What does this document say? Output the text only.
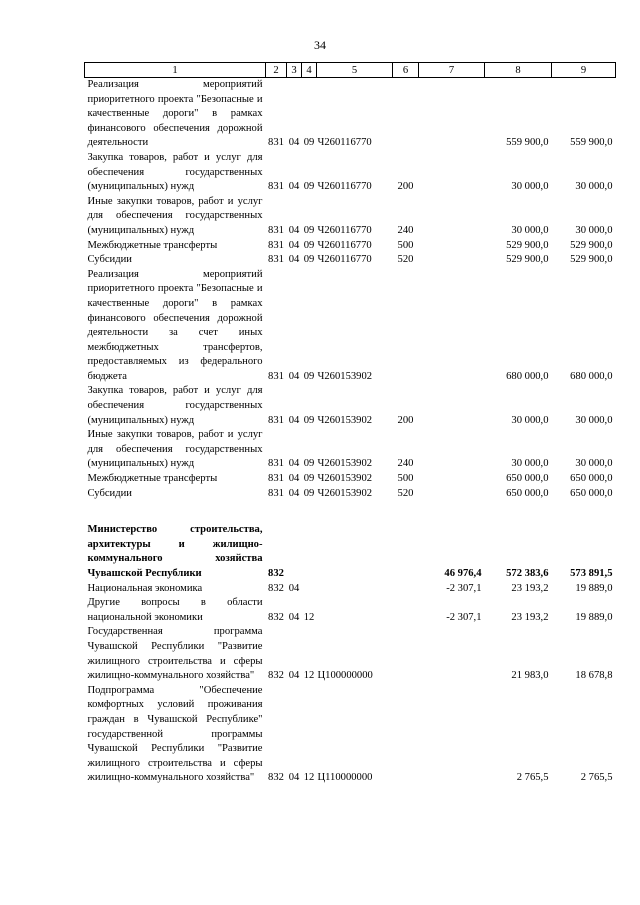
34
1	2	3	4	5	6	7	8	9
Реализация мероприятий приоритетного проекта "Безопасные и качественные дороги" в рамках финансового обеспечения дорожной деятельности	831	04	09	Ч260116770			559 900,0	559 900,0
Закупка товаров, работ и услуг для обеспечения государственных (муниципальных) нужд	831	04	09	Ч260116770	200		30 000,0	30 000,0
Иные закупки товаров, работ и услуг для обеспечения государственных (муниципальных) нужд	831	04	09	Ч260116770	240		30 000,0	30 000,0
Межбюджетные трансферты	831	04	09	Ч260116770	500		529 900,0	529 900,0
Субсидии	831	04	09	Ч260116770	520		529 900,0	529 900,0
Реализация мероприятий приоритетного проекта "Безопасные и качественные дороги" в рамках финансового обеспечения дорожной деятельности за счет иных межбюджетных трансфертов, предоставляемых из федерального бюджета	831	04	09	Ч260153902			680 000,0	680 000,0
Закупка товаров, работ и услуг для обеспечения государственных (муниципальных) нужд	831	04	09	Ч260153902	200		30 000,0	30 000,0
Иные закупки товаров, работ и услуг для обеспечения государственных (муниципальных) нужд	831	04	09	Ч260153902	240		30 000,0	30 000,0
Межбюджетные трансферты	831	04	09	Ч260153902	500		650 000,0	650 000,0
Субсидии	831	04	09	Ч260153902	520		650 000,0	650 000,0

Министерство строительства, архитектуры и жилищно-коммунального хозяйства Чувашской Республики	832					46 976,4	572 383,6	573 891,5
Национальная экономика	832	04				-2 307,1	23 193,2	19 889,0
Другие вопросы в области национальной экономики	832	04	12			-2 307,1	23 193,2	19 889,0
Государственная программа Чувашской Республики "Развитие жилищного строительства и сферы жилищно-коммунального хозяйства"	832	04	12	Ц100000000			21 983,0	18 678,8
Подпрограмма "Обеспечение комфортных условий проживания граждан в Чувашской Республике" государственной программы Чувашской Республики "Развитие жилищного строительства и сферы жилищно-коммунального хозяйства"	832	04	12	Ц110000000			2 765,5	2 765,5
